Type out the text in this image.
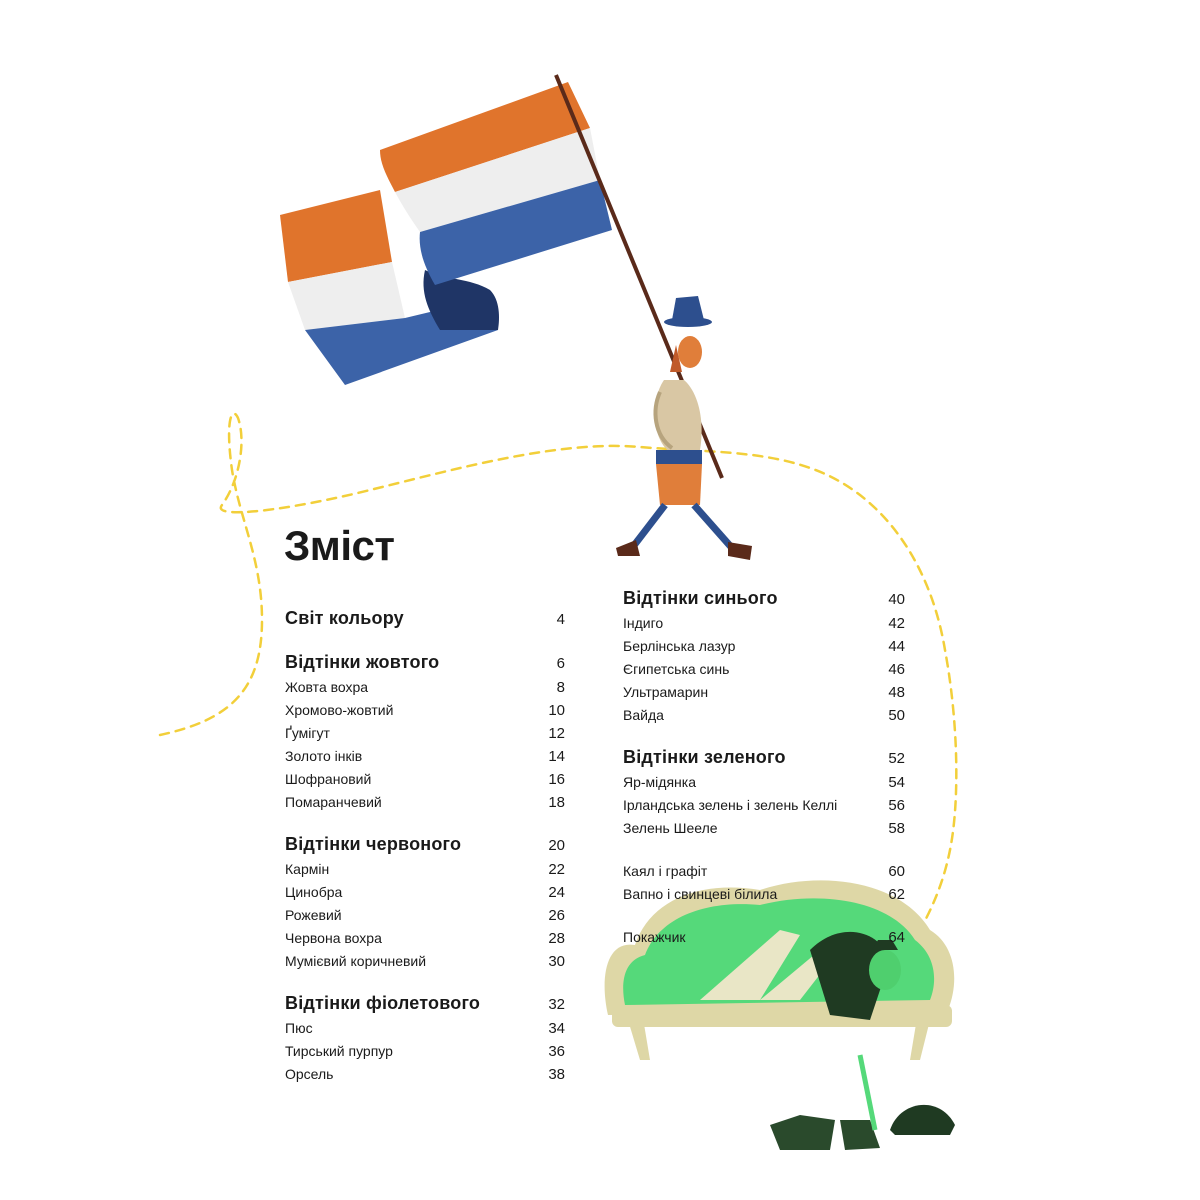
Зміст
Світ кольору	4
Відтінки жовтого	6
Жовта вохра	8
Хромово-жовтий	10
Ґумігут	12
Золото інків	14
Шофрановий	16
Помаранчевий	18
Відтінки червоного	20
Кармін	22
Цинобра	24
Рожевий	26
Червона вохра	28
Мумієвий коричневий	30
Відтінки фіолетового	32
Пюс	34
Тирський пурпур	36
Орсель	38
Відтінки синього	40
Індиго	42
Берлінська лазур	44
Єгипетська синь	46
Ультрамарин	48
Вайда	50
Відтінки зеленого	52
Яр-мідянка	54
Ірландська зелень і зелень Келлі	56
Зелень Шееле	58
Каял і графіт	60
Вапно і свинцеві білила	62
Покажчик	64
